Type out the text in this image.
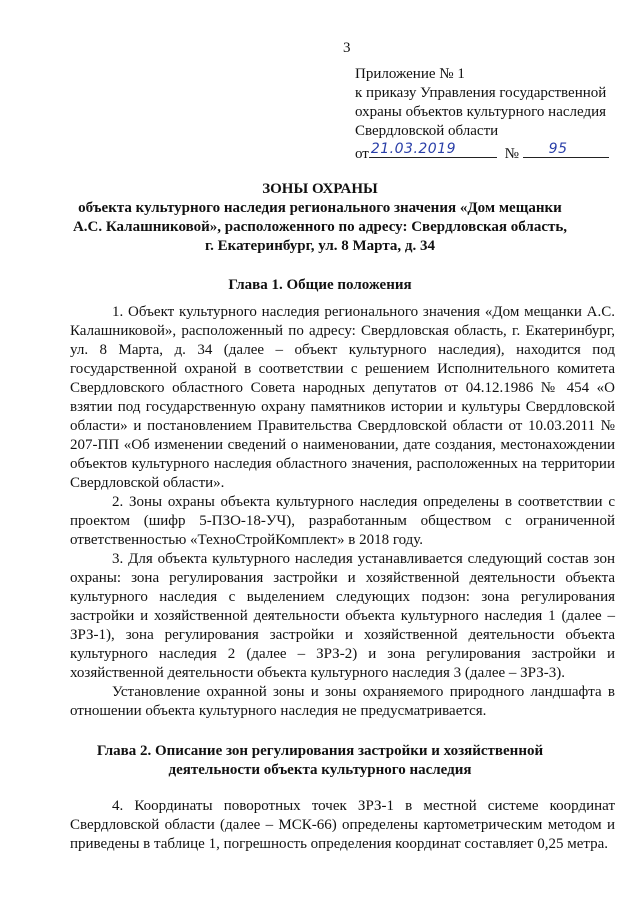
3
Приложение № 1
к приказу Управления государственной
охраны объектов культурного наследия
Свердловской области
от 21.03.2019	№ 95
ЗОНЫ ОХРАНЫ
объекта культурного наследия регионального значения «Дом мещанки
А.С. Калашниковой», расположенного по адресу: Свердловская область,
г. Екатеринбург, ул. 8 Марта, д. 34
Глава 1. Общие положения

1. Объект культурного наследия регионального значения «Дом мещанки А.С. Калашниковой», расположенный по адресу: Свердловская область, г. Екатеринбург, ул. 8 Марта, д. 34 (далее – объект культурного наследия), находится под государственной охраной в соответствии с решением Исполнительного комитета Свердловского областного Совета народных депутатов от 04.12.1986 № 454 «О взятии под государственную охрану памятников истории и культуры Свердловской области» и постановлением Правительства Свердловской области от 10.03.2011 № 207-ПП «Об изменении сведений о наименовании, дате создания, местонахождении объектов культурного наследия областного значения, расположенных на территории Свердловской области».

2. Зоны охраны объекта культурного наследия определены в соответствии с проектом (шифр 5-ПЗО-18-УЧ), разработанным обществом с ограниченной ответственностью «ТехноСтройКомплект» в 2018 году.

3. Для объекта культурного наследия устанавливается следующий состав зон охраны: зона регулирования застройки и хозяйственной деятельности объекта культурного наследия с выделением следующих подзон: зона регулирования застройки и хозяйственной деятельности объекта культурного наследия 1 (далее – ЗРЗ-1), зона регулирования застройки и хозяйственной деятельности объекта культурного наследия 2 (далее – ЗРЗ-2) и зона регулирования застройки и хозяйственной деятельности объекта культурного наследия 3 (далее – ЗРЗ-3).

Установление охранной зоны и зоны охраняемого природного ландшафта в отношении объекта культурного наследия не предусматривается.

Глава 2. Описание зон регулирования застройки и хозяйственной
деятельности объекта культурного наследия

4. Координаты поворотных точек ЗРЗ-1 в местной системе координат Свердловской области (далее – МСК-66) определены картометрическим методом и приведены в таблице 1, погрешность определения координат составляет 0,25 метра.
